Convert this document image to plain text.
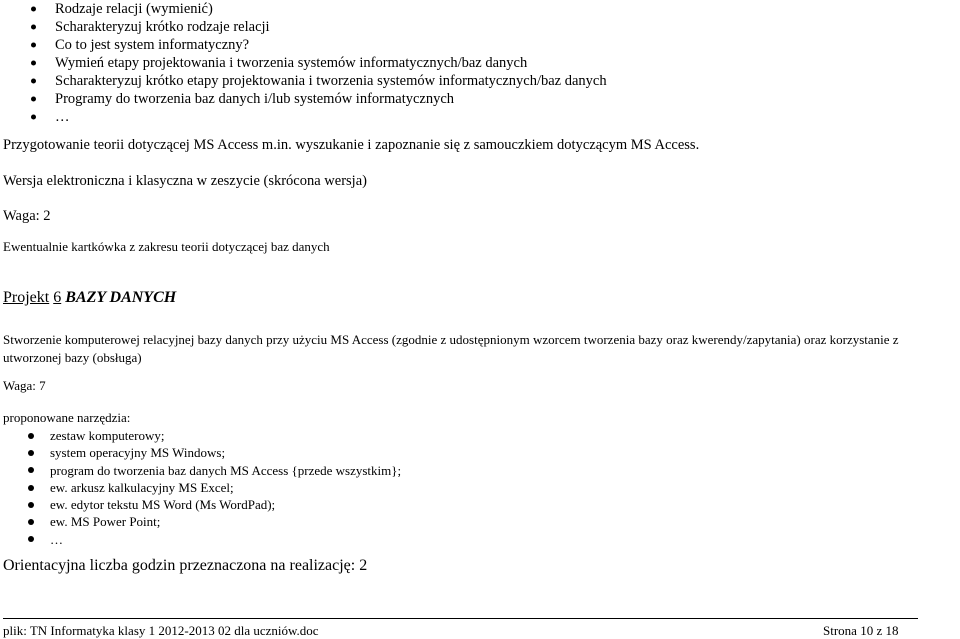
Rodzaje relacji (wymienić)
Scharakteryzuj krótko rodzaje relacji
Co to jest system informatyczny?
Wymień etapy projektowania i tworzenia systemów informatycznych/baz danych
Scharakteryzuj krótko etapy projektowania i tworzenia systemów informatycznych/baz danych
Programy do tworzenia baz danych i/lub systemów informatycznych
…
Przygotowanie teorii dotyczącej MS Access m.in. wyszukanie i zapoznanie się z samouczkiem dotyczącym MS Access.
Wersja elektroniczna i klasyczna w zeszycie (skrócona wersja)
Waga: 2
Ewentualnie kartkówka z zakresu teorii dotyczącej baz danych
Projekt 6 BAZY DANYCH
Stworzenie komputerowej relacyjnej bazy danych przy użyciu MS Access (zgodnie z udostępnionym wzorcem tworzenia bazy oraz kwerendy/zapytania) oraz korzystanie z utworzonej bazy (obsługa)
Waga: 7
proponowane narzędzia:
zestaw komputerowy;
system operacyjny MS Windows;
program do tworzenia baz danych MS Access {przede wszystkim};
ew. arkusz kalkulacyjny MS Excel;
ew. edytor tekstu MS Word (Ms WordPad);
ew. MS Power Point;
…
Orientacyjna liczba godzin przeznaczona na realizację: 2
plik: TN Informatyka klasy 1 2012-2013 02 dla uczniów.doc	Strona 10 z 18
